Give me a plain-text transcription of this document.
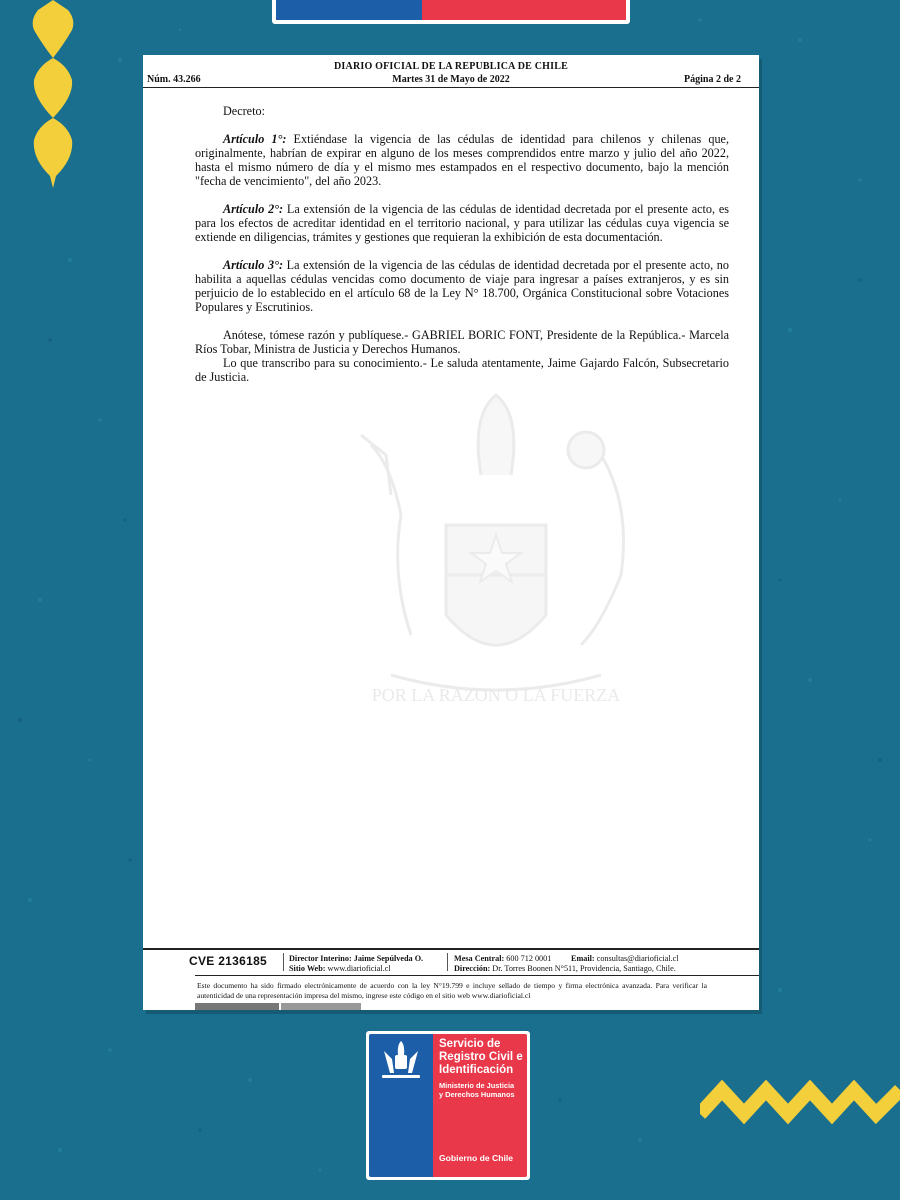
DIARIO OFICIAL DE LA REPUBLICA DE CHILE
Núm. 43.266	Martes 31 de Mayo de 2022	Página 2 de 2
POR LA RAZON O LA FUERZA

Decreto:

Artículo 1°: Extiéndase la vigencia de las cédulas de identidad para chilenos y chilenas que, originalmente, habrían de expirar en alguno de los meses comprendidos entre marzo y julio del año 2022, hasta el mismo número de día y el mismo mes estampados en el respectivo documento, bajo la mención "fecha de vencimiento", del año 2023.

Artículo 2°: La extensión de la vigencia de las cédulas de identidad decretada por el presente acto, es para los efectos de acreditar identidad en el territorio nacional, y para utilizar las cédulas cuya vigencia se extiende en diligencias, trámites y gestiones que requieran la exhibición de esta documentación.

Artículo 3°: La extensión de la vigencia de las cédulas de identidad decretada por el presente acto, no habilita a aquellas cédulas vencidas como documento de viaje para ingresar a países extranjeros, y es sin perjuicio de lo establecido en el artículo 68 de la Ley N° 18.700, Orgánica Constitucional sobre Votaciones Populares y Escrutinios.

Anótese, tómese razón y publíquese.- GABRIEL BORIC FONT, Presidente de la República.- Marcela Ríos Tobar, Ministra de Justicia y Derechos Humanos.

Lo que transcribo para su conocimiento.- Le saluda atentamente, Jaime Gajardo Falcón, Subsecretario de Justicia.

CVE 2136185	Director Interino: Jaime Sepúlveda O.
Sitio Web: www.diarioficial.cl
Mesa Central: 600 712 0001 Email: consultas@diarioficial.cl
Dirección: Dr. Torres Boonen N°511, Providencia, Santiago, Chile.
Este documento ha sido firmado electrónicamente de acuerdo con la ley N°19.799 e incluye sellado de tiempo y firma electrónica avanzada. Para verificar la autenticidad de una representación impresa del mismo, ingrese este código en el sitio web www.diarioficial.cl
Servicio de
Registro Civil e
Identificación
Ministerio de Justicia
y Derechos Humanos
Gobierno de Chile
